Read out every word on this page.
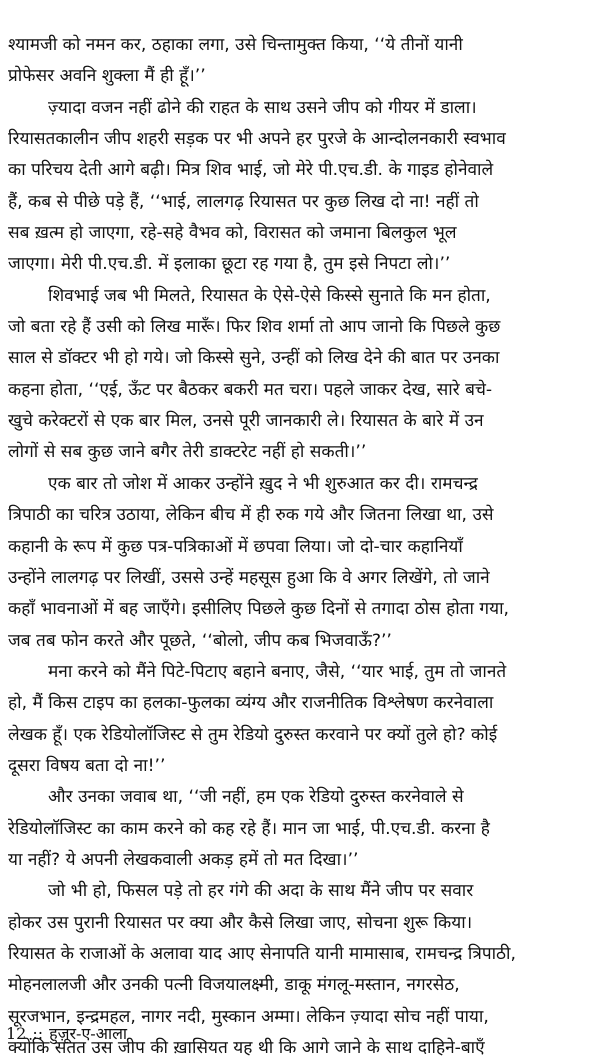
श्यामजी को नमन कर, ठहाका लगा, उसे चिन्तामुक्त किया, ‘‘ये तीनों यानी
प्रोफेसर अवनि शुक्ला मैं ही हूँ।’’
ज़्यादा वजन नहीं ढोने की राहत के साथ उसने जीप को गीयर में डाला।
रियासतकालीन जीप शहरी सड़क पर भी अपने हर पुरजे के आन्दोलनकारी स्वभाव
का परिचय देती आगे बढ़ी। मित्र शिव भाई, जो मेरे पी.एच.डी. के गाइड होनेवाले
हैं, कब से पीछे पड़े हैं, ‘‘भाई, लालगढ़ रियासत पर कुछ लिख दो ना! नहीं तो
सब ख़त्म हो जाएगा, रहे-सहे वैभव को, विरासत को जमाना बिलकुल भूल
जाएगा। मेरी पी.एच.डी. में इलाका छूटा रह गया है, तुम इसे निपटा लो।’’
शिवभाई जब भी मिलते, रियासत के ऐसे-ऐसे किस्से सुनाते कि मन होता,
जो बता रहे हैं उसी को लिख मारूँ। फिर शिव शर्मा तो आप जानो कि पिछले कुछ
साल से डॉक्टर भी हो गये। जो किस्से सुने, उन्हीं को लिख देने की बात पर उनका
कहना होता, ‘‘एई, ऊँट पर बैठकर बकरी मत चरा। पहले जाकर देख, सारे बचे-
खुचे करेक्टरों से एक बार मिल, उनसे पूरी जानकारी ले। रियासत के बारे में उन
लोगों से सब कुछ जाने बगैर तेरी डाक्टरेट नहीं हो सकती।’’
एक बार तो जोश में आकर उन्होंने ख़ुद ने भी शुरुआत कर दी। रामचन्द्र
त्रिपाठी का चरित्र उठाया, लेकिन बीच में ही रुक गये और जितना लिखा था, उसे
कहानी के रूप में कुछ पत्र-पत्रिकाओं में छपवा लिया। जो दो-चार कहानियाँ
उन्होंने लालगढ़ पर लिखीं, उससे उन्हें महसूस हुआ कि वे अगर लिखेंगे, तो जाने
कहाँ भावनाओं में बह जाएँगे। इसीलिए पिछले कुछ दिनों से तगादा ठोस होता गया,
जब तब फोन करते और पूछते, ‘‘बोलो, जीप कब भिजवाऊँ?’’
मना करने को मैंने पिटे-पिटाए बहाने बनाए, जैसे, ‘‘यार भाई, तुम तो जानते
हो, मैं किस टाइप का हलका-फुलका व्यंग्य और राजनीतिक विश्लेषण करनेवाला
लेखक हूँ। एक रेडियोलॉजिस्ट से तुम रेडियो दुरुस्त करवाने पर क्यों तुले हो? कोई
दूसरा विषय बता दो ना!’’
और उनका जवाब था, ‘‘जी नहीं, हम एक रेडियो दुरुस्त करनेवाले से
रेडियोलॉजिस्ट का काम करने को कह रहे हैं। मान जा भाई, पी.एच.डी. करना है
या नहीं? ये अपनी लेखकवाली अकड़ हमें तो मत दिखा।’’
जो भी हो, फिसल पड़े तो हर गंगे की अदा के साथ मैंने जीप पर सवार
होकर उस पुरानी रियासत पर क्या और कैसे लिखा जाए, सोचना शुरू किया।
रियासत के राजाओं के अलावा याद आए सेनापति यानी मामासाब, रामचन्द्र त्रिपाठी,
मोहनलालजी और उनकी पत्नी विजयालक्ष्मी, डाकू मंगलू-मस्तान, नगरसेठ,
सूरजभान, इन्द्रमहल, नागर नदी, मुस्कान अम्मा। लेकिन ज़्यादा सोच नहीं पाया,
क्योंकि सतत उस जीप की ख़ासियत यह थी कि आगे जाने के साथ दाहिने-बाएँ
12 :: हुज़ूर-ए-आला
